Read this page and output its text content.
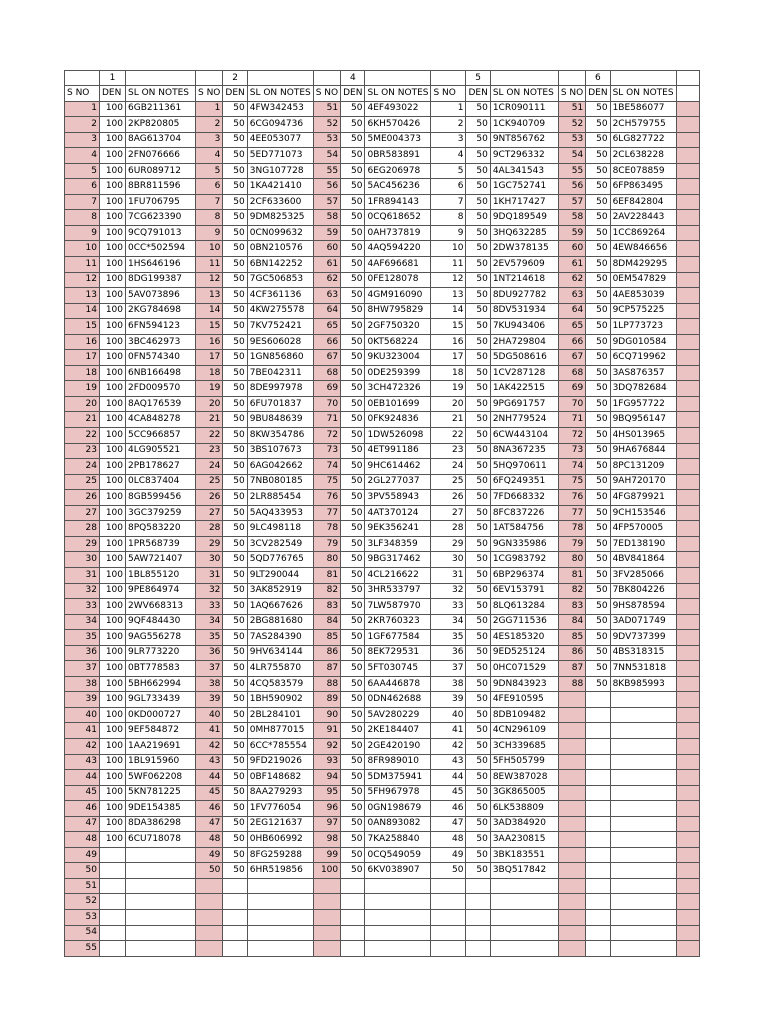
	1			2			4			5			6		
S NO	DEN	SL ON NOTES	S NO	DEN	SL ON NOTES	S NO	DEN	SL ON NOTES	S NO	DEN	SL ON NOTES	S NO	DEN	SL ON NOTES	
1	100	6GB211361	1	50	4FW342453	51	50	4EF493022	1	50	1CR090111	51	50	1BE586077	
2	100	2KP820805	2	50	6CG094736	52	50	6KH570426	2	50	1CK940709	52	50	2CH579755	
3	100	8AG613704	3	50	4EE053077	53	50	5ME004373	3	50	9NT856762	53	50	6LG827722	
4	100	2FN076666	4	50	5ED771073	54	50	0BR583891	4	50	9CT296332	54	50	2CL638228	
5	100	6UR089712	5	50	3NG107728	55	50	6EG206978	5	50	4AL341543	55	50	8CE078859	
6	100	8BR811596	6	50	1KA421410	56	50	5AC456236	6	50	1GC752741	56	50	6FP863495	
7	100	1FU706795	7	50	2CF633600	57	50	1FR894143	7	50	1KH717427	57	50	6EF842804	
8	100	7CG623390	8	50	9DM825325	58	50	0CQ618652	8	50	9DQ189549	58	50	2AV228443	
9	100	9CQ791013	9	50	0CN099632	59	50	0AH737819	9	50	3HQ632285	59	50	1CC869264	
10	100	0CC*502594	10	50	0BN210576	60	50	4AQ594220	10	50	2DW378135	60	50	4EW846656	
11	100	1HS646196	11	50	6BN142252	61	50	4AF696681	11	50	2EV579609	61	50	8DM429295	
12	100	8DG199387	12	50	7GC506853	62	50	0FE128078	12	50	1NT214618	62	50	0EM547829	
13	100	5AV073896	13	50	4CF361136	63	50	4GM916090	13	50	8DU927782	63	50	4AE853039	
14	100	2KG784698	14	50	4KW275578	64	50	8HW795829	14	50	8DV531934	64	50	9CP575225	
15	100	6FN594123	15	50	7KV752421	65	50	2GF750320	15	50	7KU943406	65	50	1LP773723	
16	100	3BC462973	16	50	9ES606028	66	50	0KT568224	16	50	2HA729804	66	50	9DG010584	
17	100	0FN574340	17	50	1GN856860	67	50	9KU323004	17	50	5DG508616	67	50	6CQ719962	
18	100	6NB166498	18	50	7BE042311	68	50	0DE259399	18	50	1CV287128	68	50	3AS876357	
19	100	2FD009570	19	50	8DE997978	69	50	3CH472326	19	50	1AK422515	69	50	3DQ782684	
20	100	8AQ176539	20	50	6FU701837	70	50	0EB101699	20	50	9PG691757	70	50	1FG957722	
21	100	4CA848278	21	50	9BU848639	71	50	0FK924836	21	50	2NH779524	71	50	9BQ956147	
22	100	5CC966857	22	50	8KW354786	72	50	1DW526098	22	50	6CW443104	72	50	4HS013965	
23	100	4LG905521	23	50	3BS107673	73	50	4ET991186	23	50	8NA367235	73	50	9HA676844	
24	100	2PB178627	24	50	6AG042662	74	50	9HC614462	24	50	5HQ970611	74	50	8PC131209	
25	100	0LC837404	25	50	7NB080185	75	50	2GL277037	25	50	6FQ249351	75	50	9AH720170	
26	100	8GB599456	26	50	2LR885454	76	50	3PV558943	26	50	7FD668332	76	50	4FG879921	
27	100	3GC379259	27	50	5AQ433953	77	50	4AT370124	27	50	8FC837226	77	50	9CH153546	
28	100	8PQ583220	28	50	9LC498118	78	50	9EK356241	28	50	1AT584756	78	50	4FP570005	
29	100	1PR568739	29	50	3CV282549	79	50	3LF348359	29	50	9GN335986	79	50	7ED138190	
30	100	5AW721407	30	50	5QD776765	80	50	9BG317462	30	50	1CG983792	80	50	4BV841864	
31	100	1BL855120	31	50	9LT290044	81	50	4CL216622	31	50	6BP296374	81	50	3FV285066	
32	100	9PE864974	32	50	3AK852919	82	50	3HR533797	32	50	6EV153791	82	50	7BK804226	
33	100	2WV668313	33	50	1AQ667626	83	50	7LW587970	33	50	8LQ613284	83	50	9HS878594	
34	100	9QF484430	34	50	2BG881680	84	50	2KR760323	34	50	2GG711536	84	50	3AD071749	
35	100	9AG556278	35	50	7AS284390	85	50	1GF677584	35	50	4ES185320	85	50	9DV737399	
36	100	9LR773220	36	50	9HV634144	86	50	8EK729531	36	50	9ED525124	86	50	4BS318315	
37	100	0BT778583	37	50	4LR755870	87	50	5FT030745	37	50	0HC071529	87	50	7NN531818	
38	100	5BH662994	38	50	4CQ583579	88	50	6AA446878	38	50	9DN843923	88	50	8KB985993	
39	100	9GL733439	39	50	1BH590902	89	50	0DN462688	39	50	4FE910595				
40	100	0KD000727	40	50	2BL284101	90	50	5AV280229	40	50	8DB109482				
41	100	9EF584872	41	50	0MH877015	91	50	2KE184407	41	50	4CN296109				
42	100	1AA219691	42	50	6CC*785554	92	50	2GE420190	42	50	3CH339685				
43	100	1BL915960	43	50	9FD219026	93	50	8FR989010	43	50	5FH505799				
44	100	5WF062208	44	50	0BF148682	94	50	5DM375941	44	50	8EW387028				
45	100	5KN781225	45	50	8AA279293	95	50	5FH967978	45	50	3GK865005				
46	100	9DE154385	46	50	1FV776054	96	50	0GN198679	46	50	6LK538809				
47	100	8DA386298	47	50	2EG121637	97	50	0AN893082	47	50	3AD384920				
48	100	6CU718078	48	50	0HB606992	98	50	7KA258840	48	50	3AA230815				
49			49	50	8FG259288	99	50	0CQ549059	49	50	3BK183551				
50			50	50	6HR519856	100	50	6KV038907	50	50	3BQ517842				
51															
52															
53															
54															
55															
